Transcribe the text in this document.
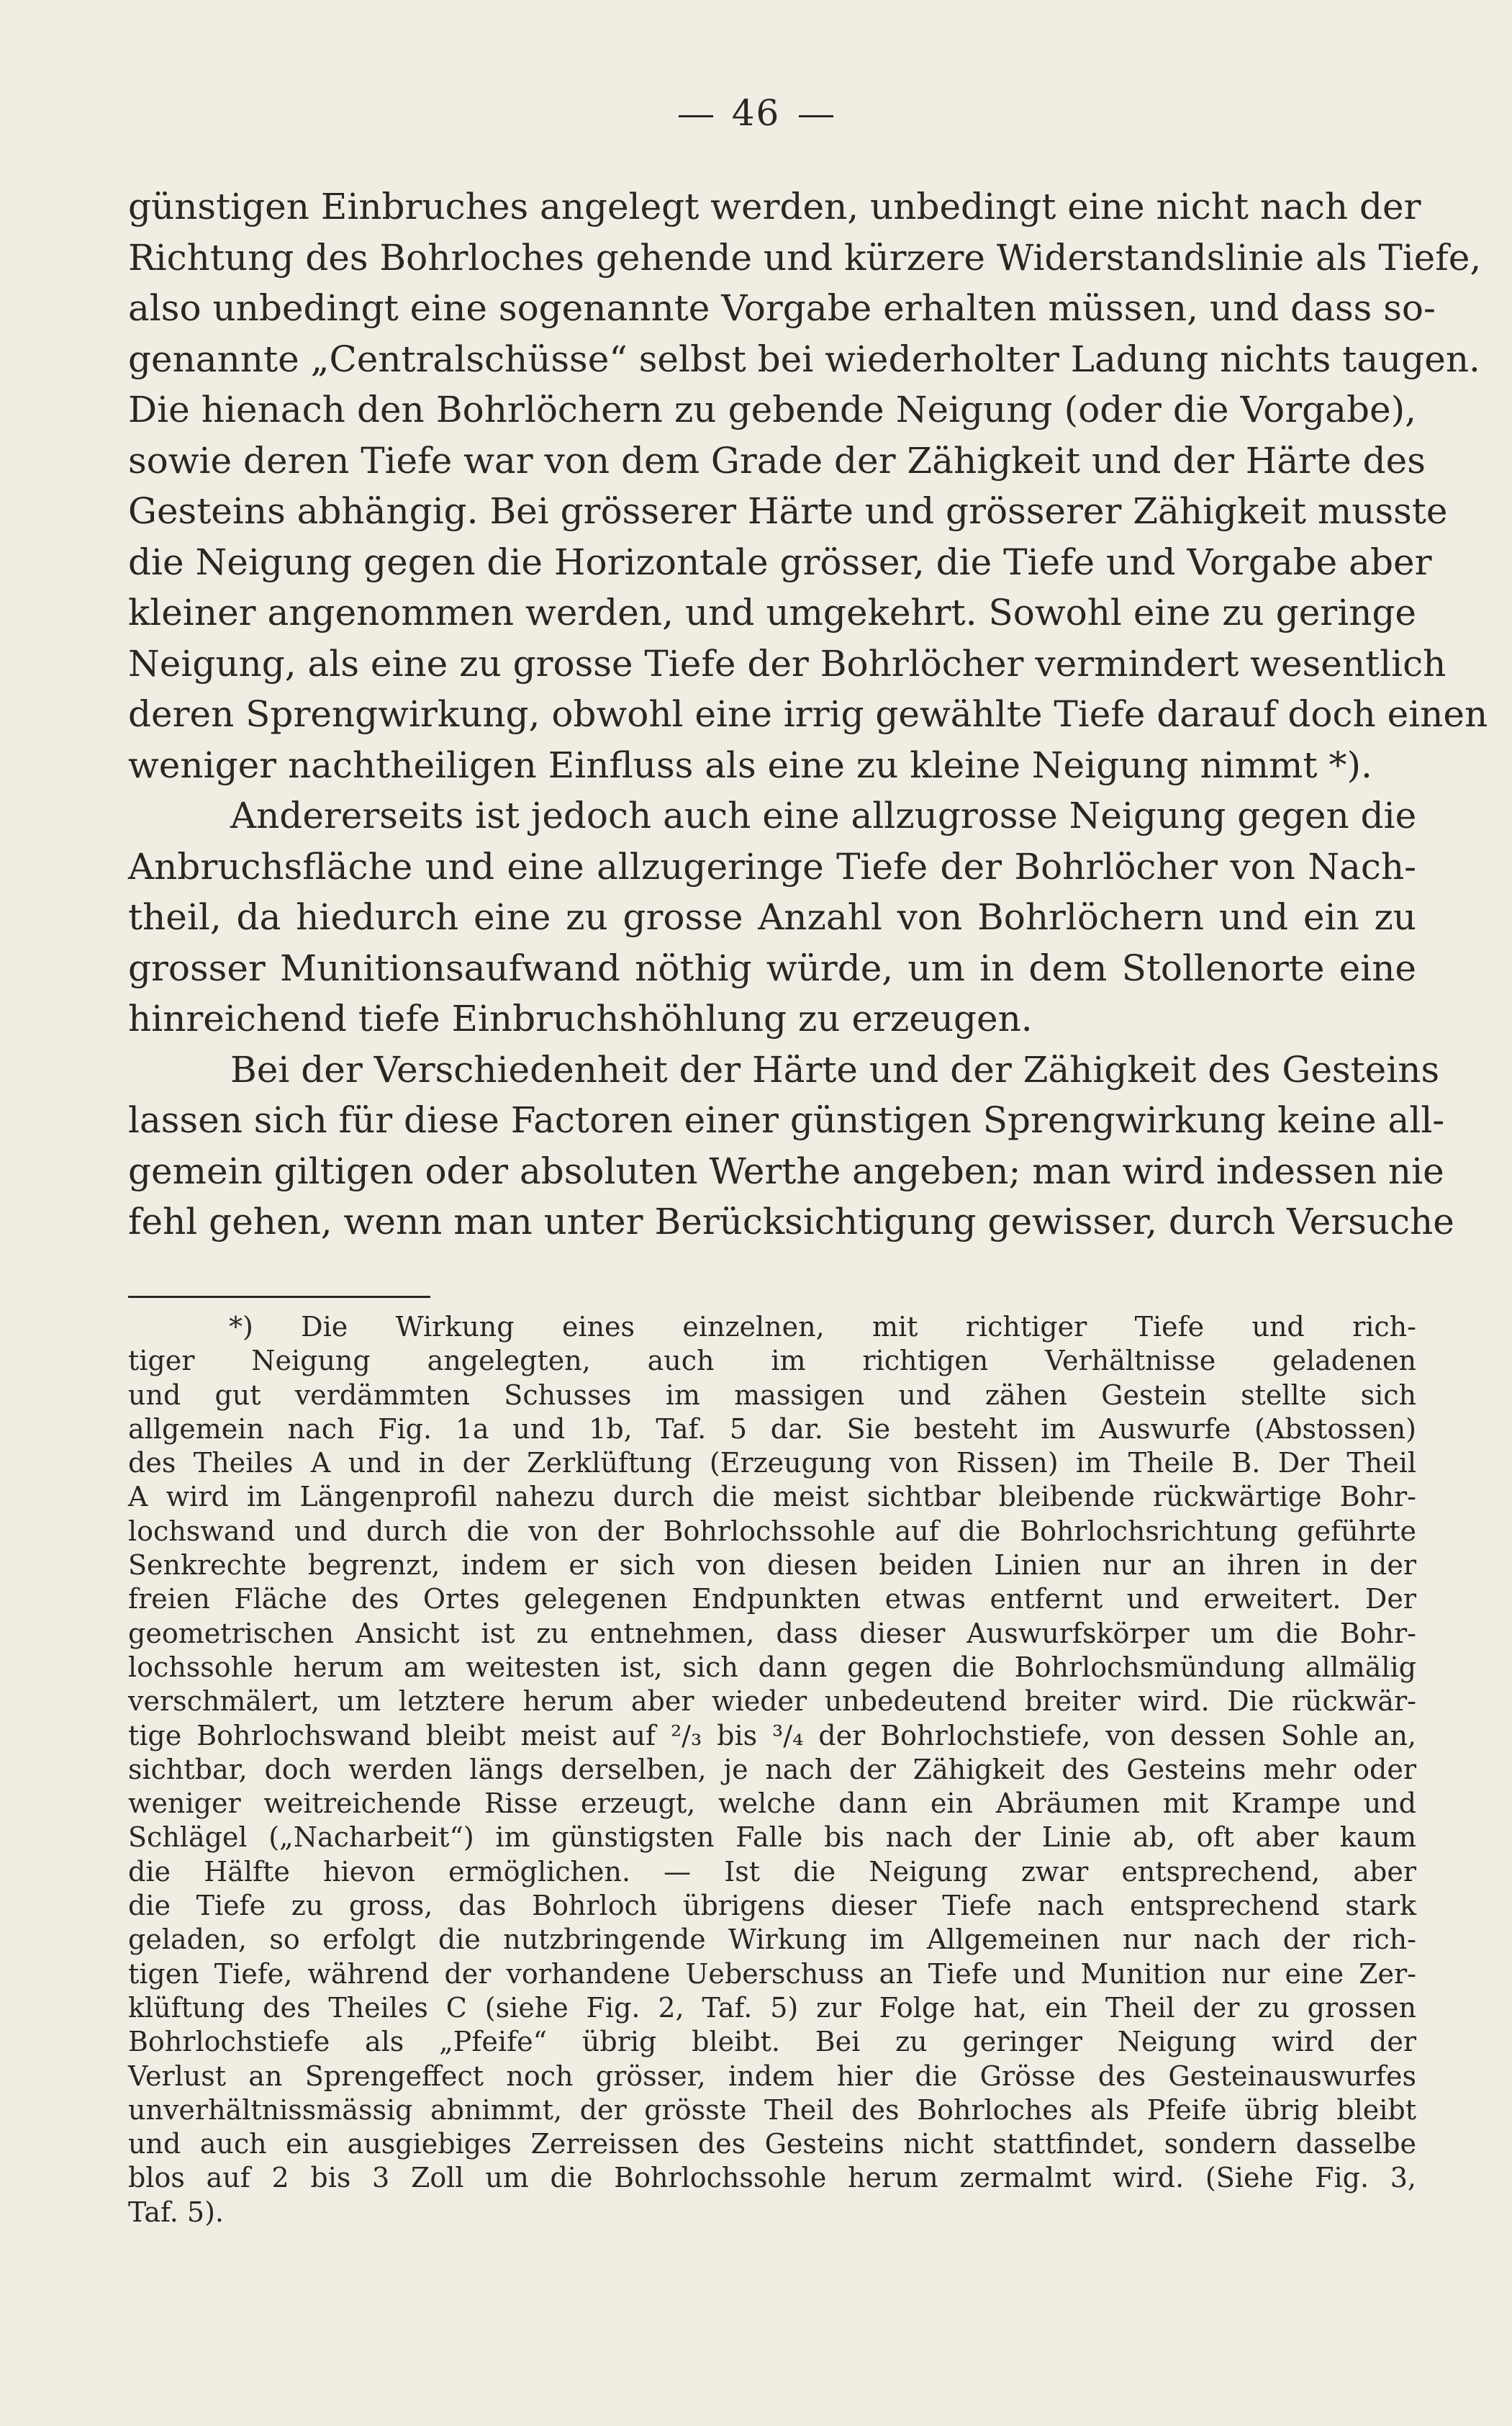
46
günstigen Einbruches angelegt werden, unbedingt eine nicht nach der
Richtung des Bohrloches gehende und kürzere Widerstandslinie als Tiefe,
also unbedingt eine sogenannte Vorgabe erhalten müssen, und dass so-
genannte „Centralschüsse“ selbst bei wiederholter Ladung nichts taugen.
Die hienach den Bohrlöchern zu gebende Neigung (oder die Vorgabe),
sowie deren Tiefe war von dem Grade der Zähigkeit und der Härte des
Gesteins abhängig. Bei grösserer Härte und grösserer Zähigkeit musste
die Neigung gegen die Horizontale grösser, die Tiefe und Vorgabe aber
kleiner angenommen werden, und umgekehrt. Sowohl eine zu geringe
Neigung, als eine zu grosse Tiefe der Bohrlöcher vermindert wesentlich
deren Sprengwirkung, obwohl eine irrig gewählte Tiefe darauf doch einen
weniger nachtheiligen Einfluss als eine zu kleine Neigung nimmt *).
Andererseits ist jedoch auch eine allzugrosse Neigung gegen die
Anbruchsfläche und eine allzugeringe Tiefe der Bohrlöcher von Nach-
theil, da hiedurch eine zu grosse Anzahl von Bohrlöchern und ein zu
grosser Munitionsaufwand nöthig würde, um in dem Stollenorte eine
hinreichend tiefe Einbruchshöhlung zu erzeugen.
Bei der Verschiedenheit der Härte und der Zähigkeit des Gesteins
lassen sich für diese Factoren einer günstigen Sprengwirkung keine all-
gemein giltigen oder absoluten Werthe angeben; man wird indessen nie
fehl gehen, wenn man unter Berücksichtigung gewisser, durch Versuche
*) Die Wirkung eines einzelnen, mit richtiger Tiefe und rich-
tiger Neigung angelegten, auch im richtigen Verhältnisse geladenen
und gut verdämmten Schusses im massigen und zähen Gestein stellte sich
allgemein nach Fig. 1a und 1b, Taf. 5 dar. Sie besteht im Auswurfe (Abstossen)
des Theiles A und in der Zerklüftung (Erzeugung von Rissen) im Theile B. Der Theil
A wird im Längenprofil nahezu durch die meist sichtbar bleibende rückwärtige Bohr-
lochswand und durch die von der Bohrlochssohle auf die Bohrlochsrichtung geführte
Senkrechte begrenzt, indem er sich von diesen beiden Linien nur an ihren in der
freien Fläche des Ortes gelegenen Endpunkten etwas entfernt und erweitert. Der
geometrischen Ansicht ist zu entnehmen, dass dieser Auswurfskörper um die Bohr-
lochssohle herum am weitesten ist, sich dann gegen die Bohrlochsmündung allmälig
verschmälert, um letztere herum aber wieder unbedeutend breiter wird. Die rückwär-
tige Bohrlochswand bleibt meist auf ²/₃ bis ³/₄ der Bohrlochstiefe, von dessen Sohle an,
sichtbar, doch werden längs derselben, je nach der Zähigkeit des Gesteins mehr oder
weniger weitreichende Risse erzeugt, welche dann ein Abräumen mit Krampe und
Schlägel („Nacharbeit“) im günstigsten Falle bis nach der Linie ab, oft aber kaum
die Hälfte hievon ermöglichen. — Ist die Neigung zwar entsprechend, aber
die Tiefe zu gross, das Bohrloch übrigens dieser Tiefe nach entsprechend stark
geladen, so erfolgt die nutzbringende Wirkung im Allgemeinen nur nach der rich-
tigen Tiefe, während der vorhandene Ueberschuss an Tiefe und Munition nur eine Zer-
klüftung des Theiles C (siehe Fig. 2, Taf. 5) zur Folge hat, ein Theil der zu grossen
Bohrlochstiefe als „Pfeife“ übrig bleibt. Bei zu geringer Neigung wird der
Verlust an Sprengeffect noch grösser, indem hier die Grösse des Gesteinauswurfes
unverhältnissmässig abnimmt, der grösste Theil des Bohrloches als Pfeife übrig bleibt
und auch ein ausgiebiges Zerreissen des Gesteins nicht stattfindet, sondern dasselbe
blos auf 2 bis 3 Zoll um die Bohrlochssohle herum zermalmt wird. (Siehe Fig. 3,
Taf. 5).
